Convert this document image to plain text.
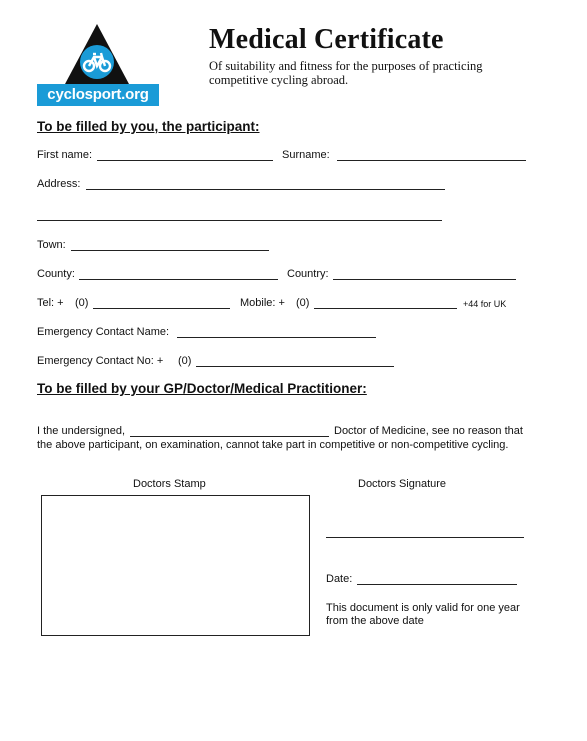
cyclosport.org
Medical Certificate
Of suitability and fitness for the purposes of practicing
competitive cycling abroad.
To be filled by you, the participant:
First name:	Surname:
Address:
Town:
County:	Country:
Tel: + (0)	Mobile: + (0)	+44 for UK
Emergency Contact Name:
Emergency Contact No: + (0)
To be filled by your GP/Doctor/Medical Practitioner:
I the undersigned,	Doctor of Medicine, see no reason that
the above participant, on examination, cannot take part in competitive or non-competitive cycling.
Doctors Stamp	Doctors Signature
Date:
This document is only valid for one year
from the above date
